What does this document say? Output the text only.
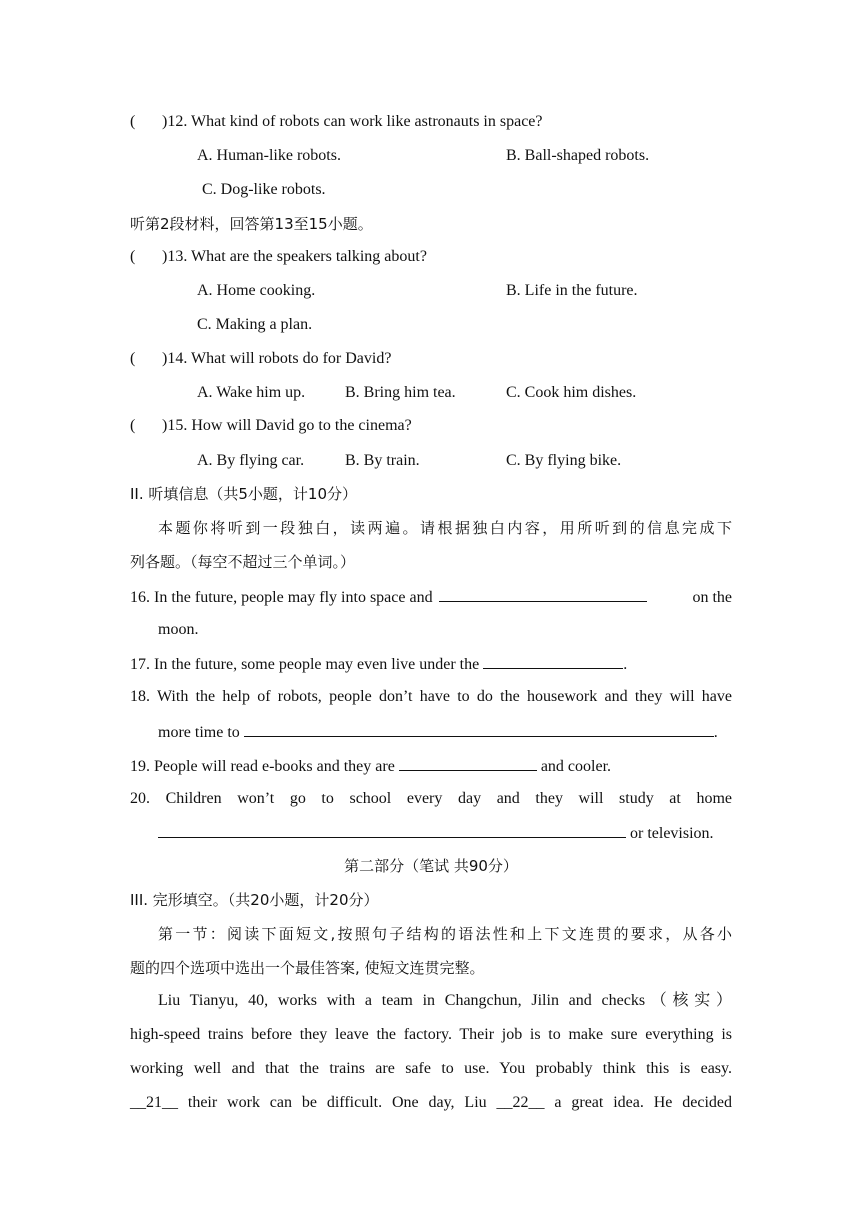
( )12. What kind of robots can work like astronauts in space?
A. Human-like robots.	B. Ball-shaped robots.
C. Dog-like robots.
听第2段材料，回答第13至15小题。
( )13. What are the speakers talking about?
A. Home cooking.	B. Life in the future.
C. Making a plan.
( )14. What will robots do for David?
A. Wake him up. B. Bring him tea.	C. Cook him dishes.
( )15. How will David go to the cinema?
A. By flying car.	B. By train.	C. By flying bike.
II. 听填信息（共5小题，计10分）
本题你将听到一段独白，读两遍。请根据独白内容，用所听到的信息完成下
列各题。（每空不超过三个单词。）
16. In the future, people may fly into space and	on the
moon.
17. In the future, some people may even live under the	.
18. With the help of robots, people don’t have to do the housework and they will have
more time to	.
19. People will read e-books and they are	and cooler.
20. Children won’t go to school every day and they will study at home
or television.
第二部分（笔试 共90分）
III. 完形填空。（共20小题，计20分）
第一节：阅读下面短文,按照句子结构的语法性和上下文连贯的要求，从各小
题的四个选项中选出一个最佳答案, 使短文连贯完整。
Liu Tianyu, 40, works with a team in Changchun, Jilin and checks（核实）
high-speed trains before they leave the factory. Their job is to make sure everything is
working well and that the trains are safe to use. You probably think this is easy.
__21__ their work can be difficult. One day, Liu __22__ a great idea. He decided
